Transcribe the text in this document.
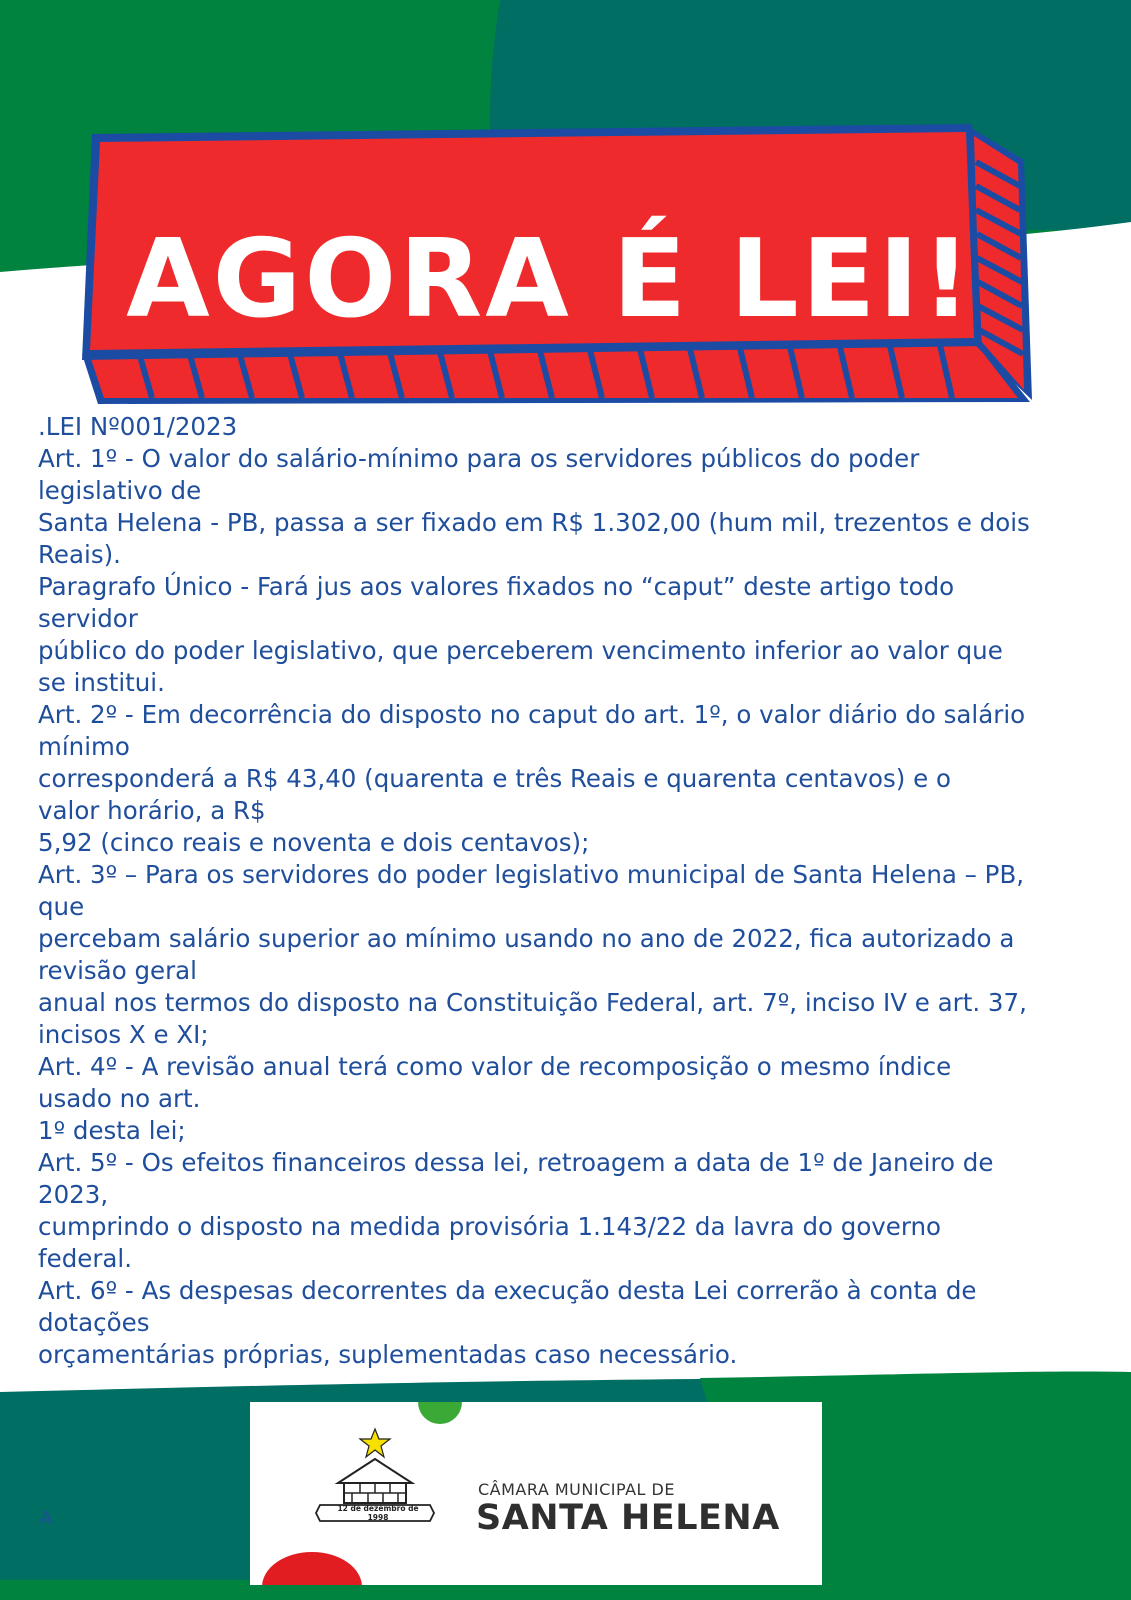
AGORA É LEI!
.LEI Nº001/2023
Art. 1º - O valor do salário-mínimo para os servidores públicos do poder
legislativo de
Santa Helena - PB, passa a ser fixado em R$ 1.302,00 (hum mil, trezentos e dois
Reais).
Paragrafo Único - Fará jus aos valores fixados no “caput” deste artigo todo
servidor
público do poder legislativo, que perceberem vencimento inferior ao valor que
se institui.
Art. 2º - Em decorrência do disposto no caput do art. 1º, o valor diário do salário
mínimo
corresponderá a R$ 43,40 (quarenta e três Reais e quarenta centavos) e o
valor horário, a R$
5,92 (cinco reais e noventa e dois centavos);
Art. 3º – Para os servidores do poder legislativo municipal de Santa Helena – PB,
que
percebam salário superior ao mínimo usando no ano de 2022, fica autorizado a
revisão geral
anual nos termos do disposto na Constituição Federal, art. 7º, inciso IV e art. 37,
incisos X e XI;
Art. 4º - A revisão anual terá como valor de recomposição o mesmo índice
usado no art.
1º desta lei;
Art. 5º - Os efeitos financeiros dessa lei, retroagem a data de 1º de Janeiro de
2023,
cumprindo o disposto na medida provisória 1.143/22 da lavra do governo
federal.
Art. 6º - As despesas decorrentes da execução desta Lei correrão à conta de
dotações
orçamentárias próprias, suplementadas caso necessário.
12 de dezembro de 1998
CÂMARA MUNICIPAL DE
SANTA HELENA
A
